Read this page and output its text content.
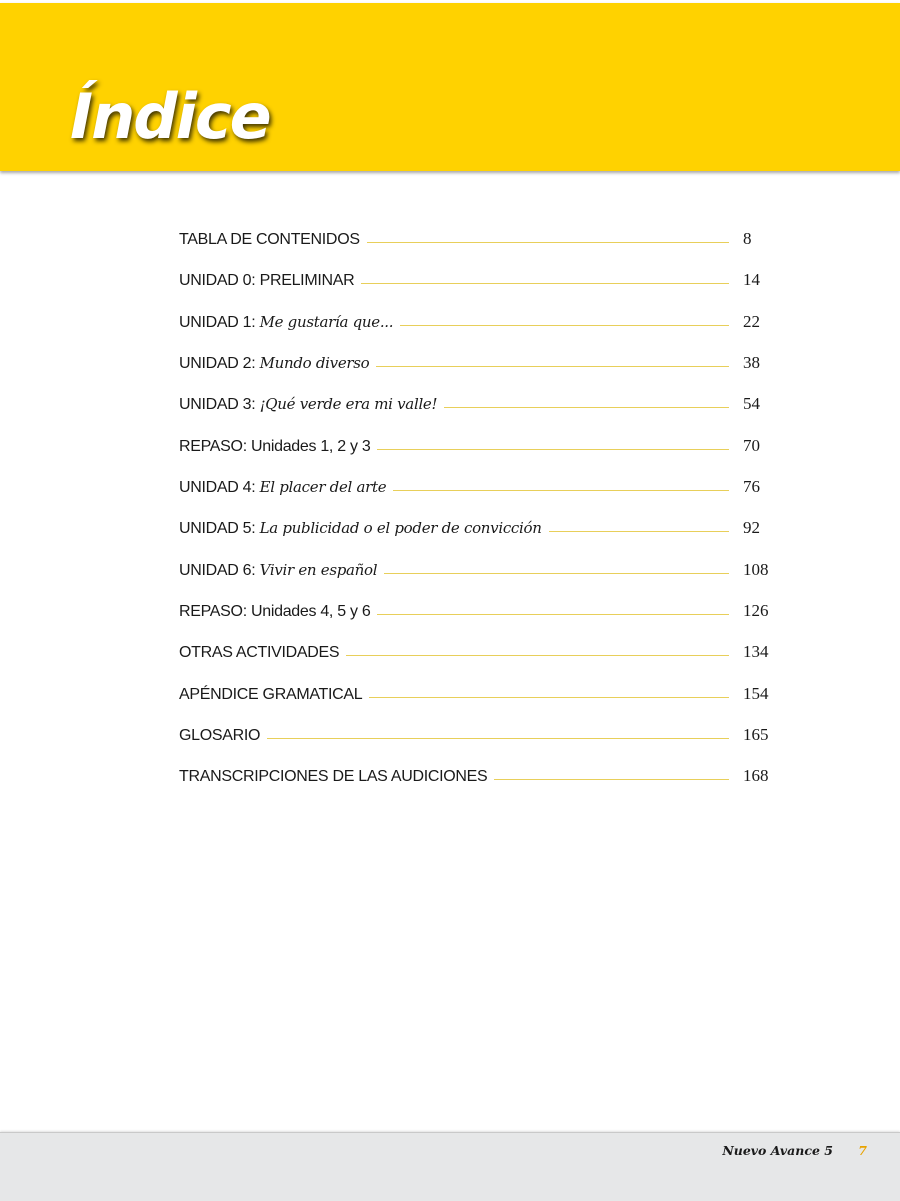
Índice
TABLA DE CONTENIDOS	8
UNIDAD 0: PRELIMINAR	14
UNIDAD 1: Me gustaría que...	22
UNIDAD 2: Mundo diverso	38
UNIDAD 3: ¡Qué verde era mi valle!	54
REPASO: Unidades 1, 2 y 3	70
UNIDAD 4: El placer del arte	76
UNIDAD 5: La publicidad o el poder de convicción	92
UNIDAD 6: Vivir en español	108
REPASO: Unidades 4, 5 y 6	126
OTRAS ACTIVIDADES	134
APÉNDICE GRAMATICAL	154
GLOSARIO	165
TRANSCRIPCIONES DE LAS AUDICIONES	168
Nuevo Avance 5 7
